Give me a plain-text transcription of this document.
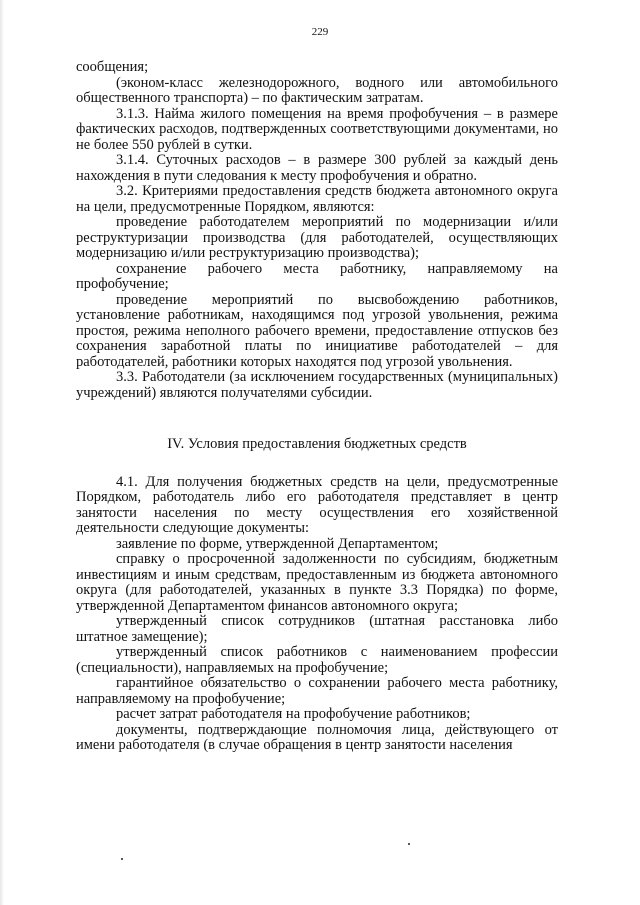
229

сообщения;

(эконом-класс железнодорожного, водного или автомобильного общественного транспорта) – по фактическим затратам.

3.1.3. Найма жилого помещения на время профобучения – в размере фактических расходов, подтвержденных соответствующими документами, но не более 550 рублей в сутки.

3.1.4. Суточных расходов – в размере 300 рублей за каждый день нахождения в пути следования к месту профобучения и обратно.

3.2. Критериями предоставления средств бюджета автономного округа на цели, предусмотренные Порядком, являются:

проведение работодателем мероприятий по модернизации и/или реструктуризации производства (для работодателей, осуществляющих модернизацию и/или реструктуризацию производства);

сохранение рабочего места работнику, направляемому на профобучение;

проведение мероприятий по высвобождению работников, установление работникам, находящимся под угрозой увольнения, режима простоя, режима неполного рабочего времени, предоставление отпусков без сохранения заработной платы по инициативе работодателей – для работодателей, работники которых находятся под угрозой увольнения.

3.3. Работодатели (за исключением государственных (муниципальных) учреждений) являются получателями субсидии.

IV. Условия предоставления бюджетных средств

4.1. Для получения бюджетных средств на цели, предусмотренные Порядком, работодатель либо его работодателя представляет в центр занятости населения по месту осуществления его хозяйственной деятельности следующие документы:

заявление по форме, утвержденной Департаментом;

справку о просроченной задолженности по субсидиям, бюджетным инвестициям и иным средствам, предоставленным из бюджета автономного округа (для работодателей, указанных в пункте 3.3 Порядка) по форме, утвержденной Департаментом финансов автономного округа;

утвержденный список сотрудников (штатная расстановка либо штатное замещение);

утвержденный список работников с наименованием профессии (специальности), направляемых на профобучение;

гарантийное обязательство о сохранении рабочего места работнику, направляемому на профобучение;

расчет затрат работодателя на профобучение работников;

документы, подтверждающие полномочия лица, действующего от имени работодателя (в случае обращения в центр занятости населения
